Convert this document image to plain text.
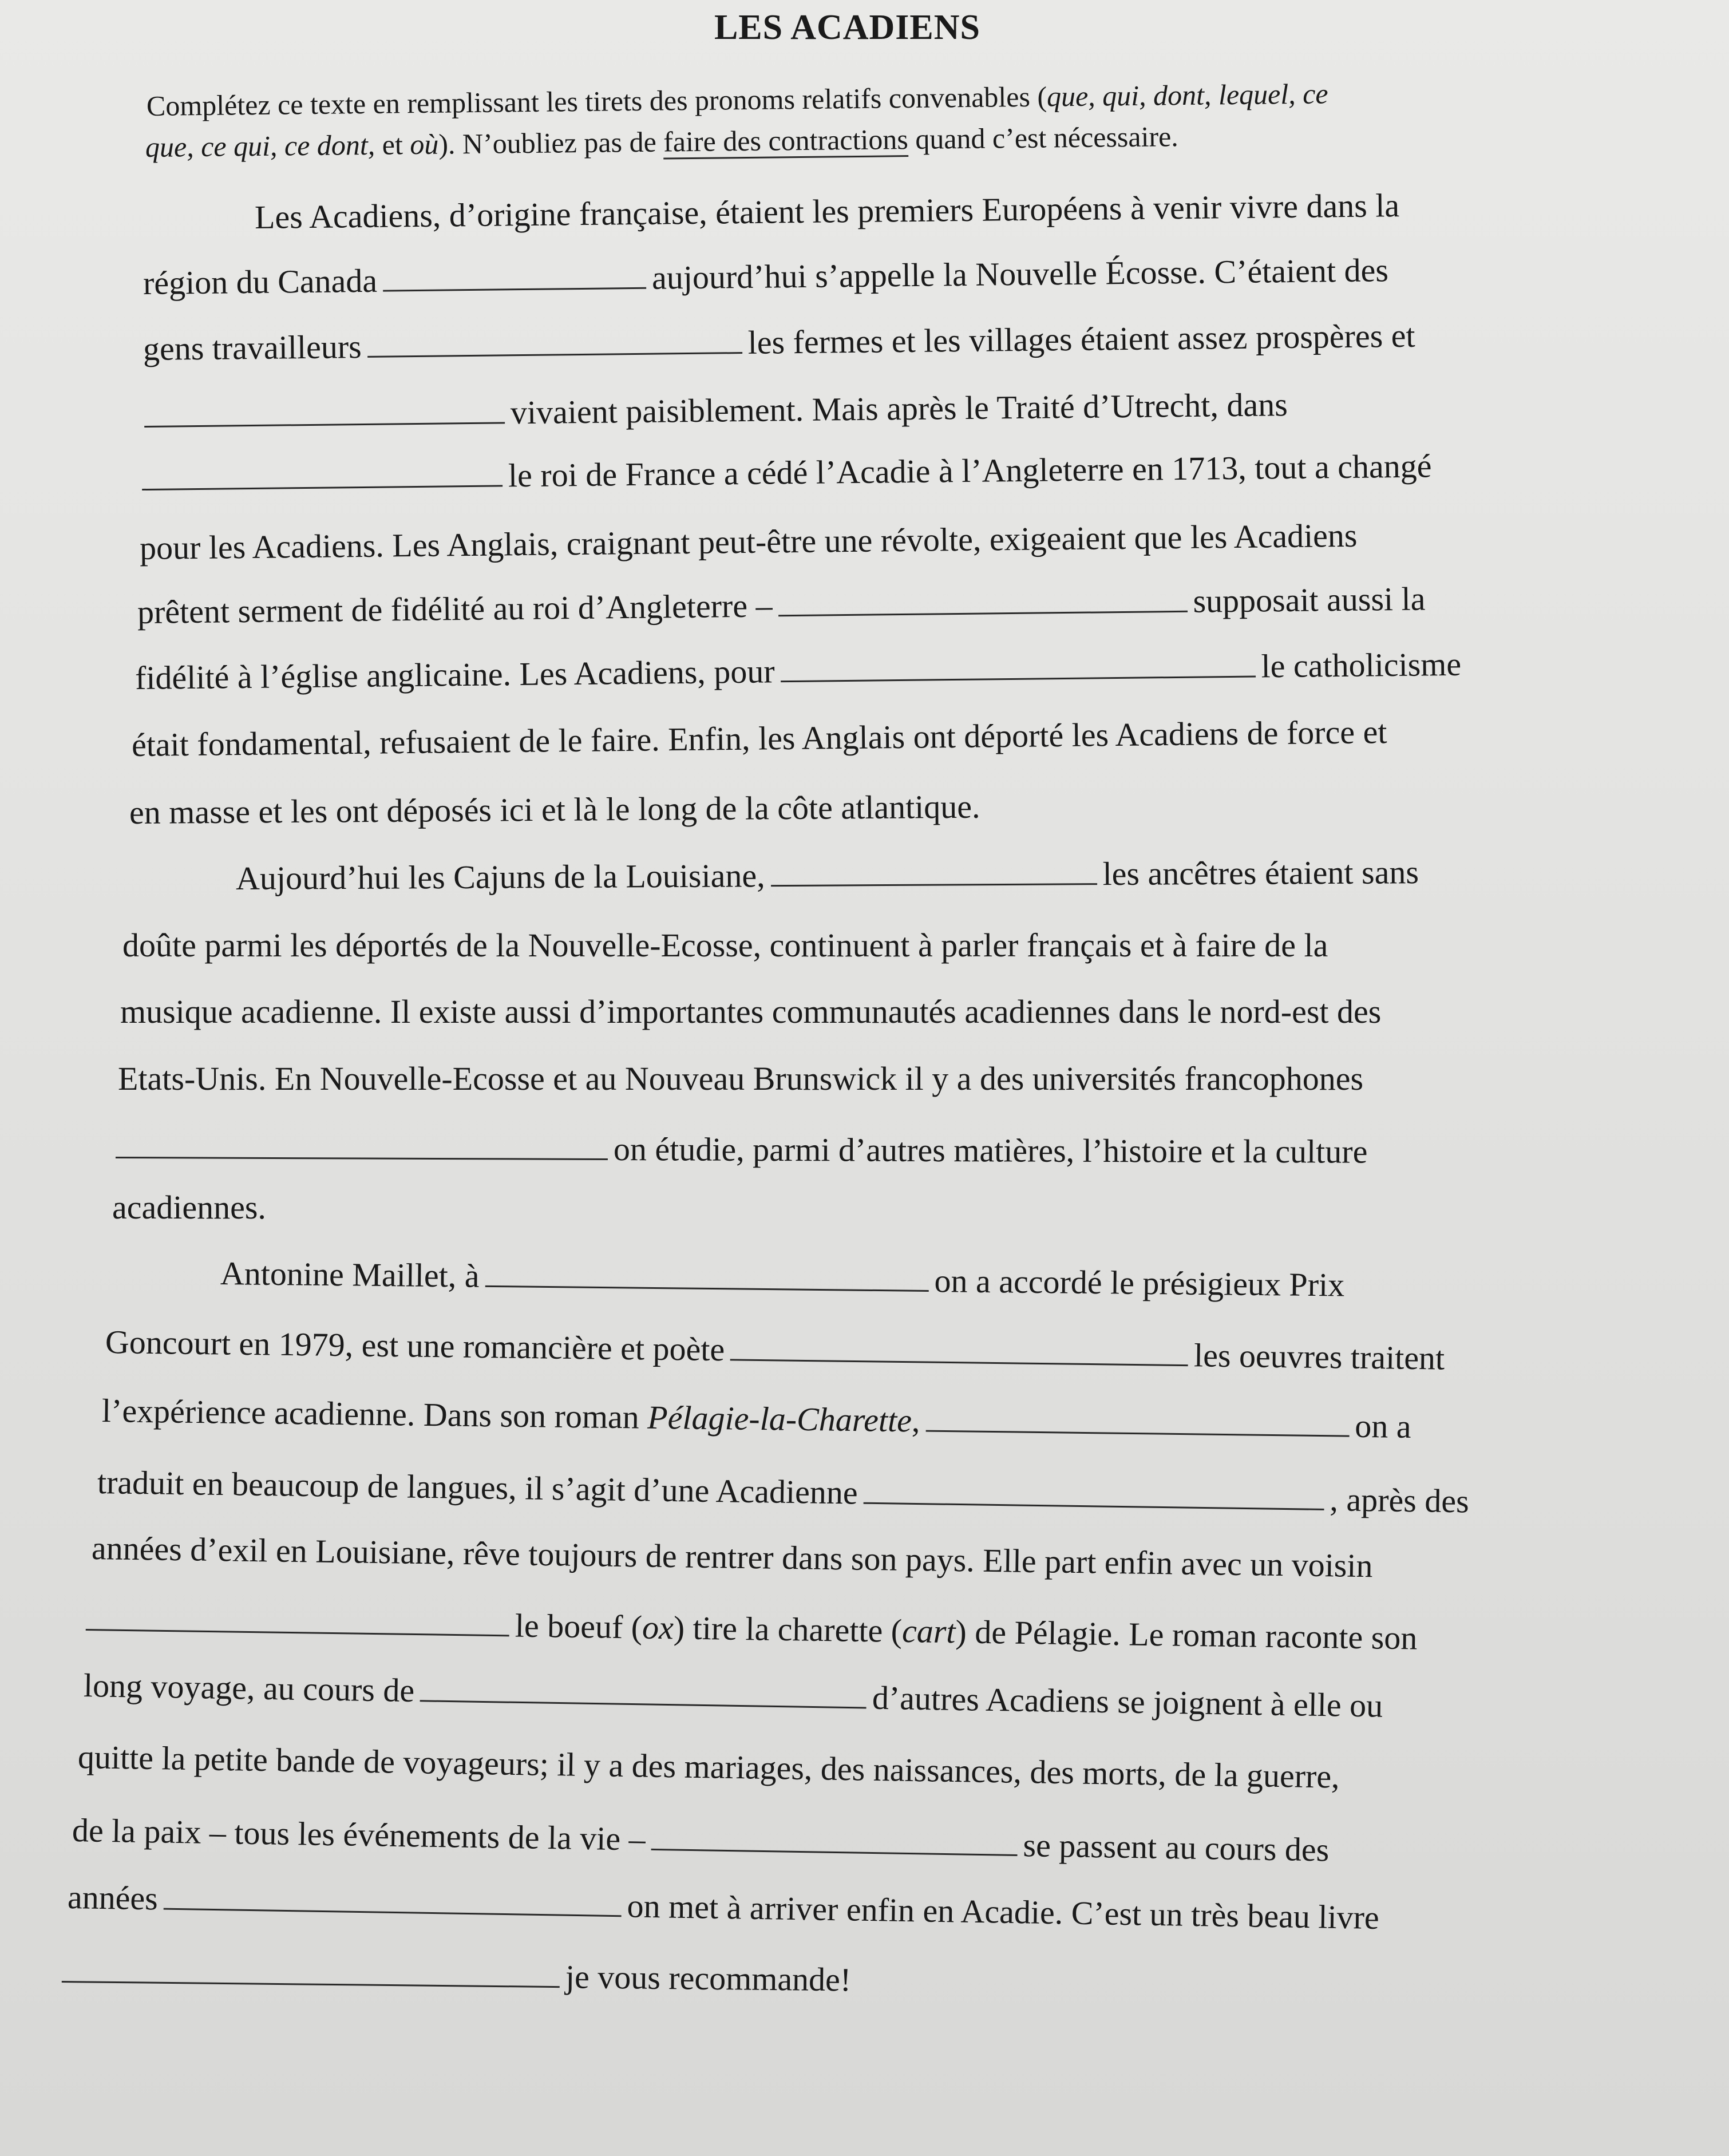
LES ACADIENS
Complétez ce texte en remplissant les tirets des pronoms relatifs convenables (que, qui, dont, lequel, ce
que, ce qui, ce dont, et où). N’oubliez pas de faire des contractions quand c’est nécessaire.
Les Acadiens, d’origine française, étaient les premiers Européens à venir vivre dans la
région du Canada	aujourd’hui s’appelle la Nouvelle Écosse. C’étaient des
gens travailleurs	les fermes et les villages étaient assez prospères et
vivaient paisiblement. Mais après le Traité d’Utrecht, dans
le roi de France a cédé l’Acadie à l’Angleterre en 1713, tout a changé
pour les Acadiens. Les Anglais, craignant peut-être une révolte, exigeaient que les Acadiens
prêtent serment de fidélité au roi d’Angleterre –	supposait aussi la
fidélité à l’église anglicaine. Les Acadiens, pour	le catholicisme
était fondamental, refusaient de le faire. Enfin, les Anglais ont déporté les Acadiens de force et
en masse et les ont déposés ici et là le long de la côte atlantique.
Aujourd’hui les Cajuns de la Louisiane,	les ancêtres étaient sans
doûte parmi les déportés de la Nouvelle-Ecosse, continuent à parler français et à faire de la
musique acadienne. Il existe aussi d’importantes communautés acadiennes dans le nord-est des
Etats-Unis. En Nouvelle-Ecosse et au Nouveau Brunswick il y a des universités francophones
on étudie, parmi d’autres matières, l’histoire et la culture
acadiennes.
Antonine Maillet, à	on a accordé le présigieux Prix
Goncourt en 1979, est une romancière et poète	les oeuvres traitent
l’expérience acadienne. Dans son roman Pélagie-la-Charette,	on a
traduit en beaucoup de langues, il s’agit d’une Acadienne	, après des
années d’exil en Louisiane, rêve toujours de rentrer dans son pays. Elle part enfin avec un voisin
le boeuf (ox) tire la charette (cart) de Pélagie. Le roman raconte son
long voyage, au cours de	d’autres Acadiens se joignent à elle ou
quitte la petite bande de voyageurs; il y a des mariages, des naissances, des morts, de la guerre,
de la paix – tous les événements de la vie –	se passent au cours des
années	on met à arriver enfin en Acadie. C’est un très beau livre
je vous recommande!
